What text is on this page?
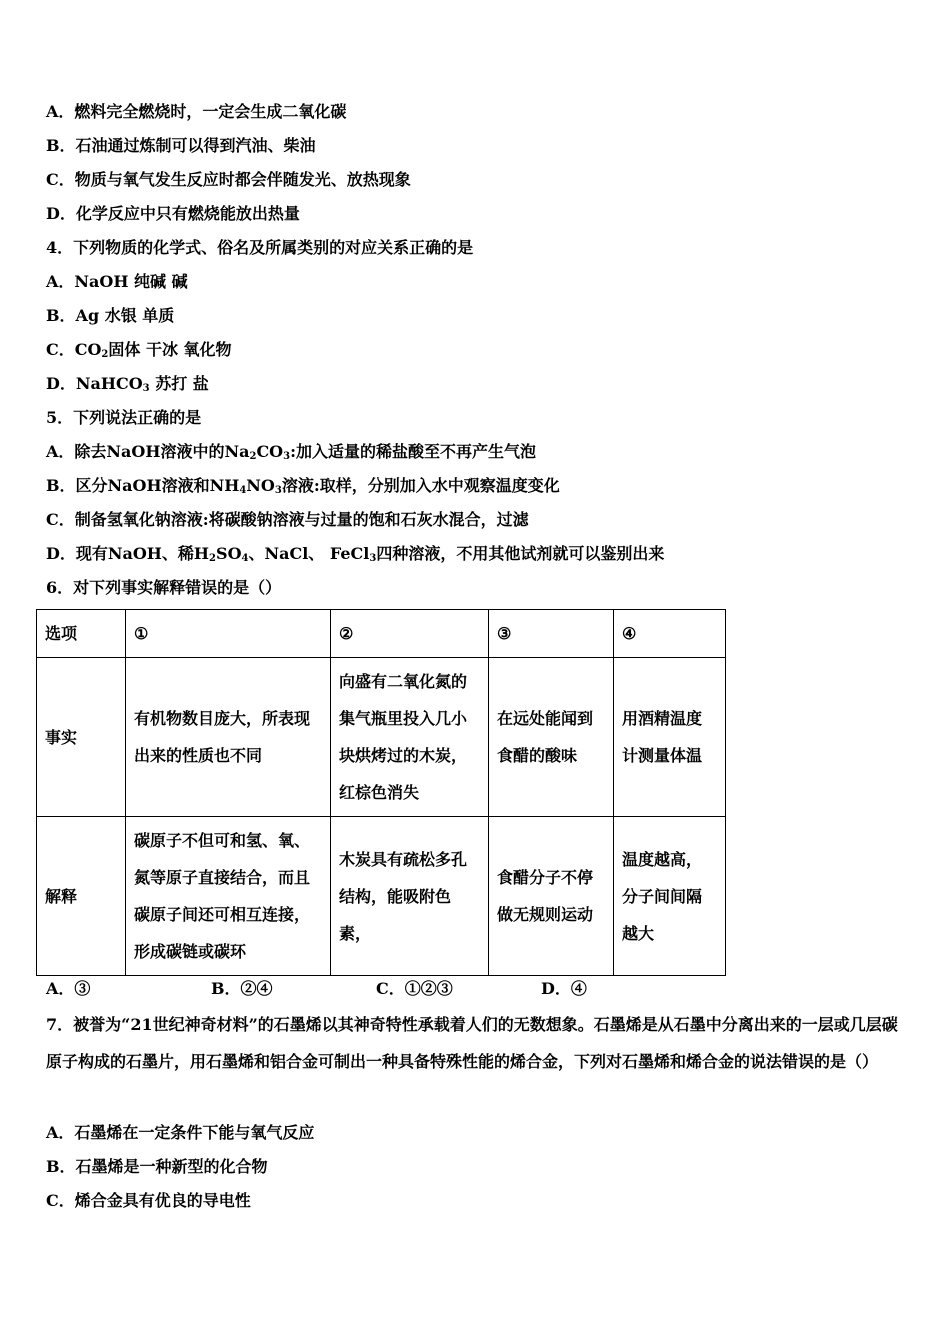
A．燃料完全燃烧时，一定会生成二氧化碳
B．石油通过炼制可以得到汽油、柴油
C．物质与氧气发生反应时都会伴随发光、放热现象
D．化学反应中只有燃烧能放出热量
4．下列物质的化学式、俗名及所属类别的对应关系正确的是
A．NaOH 纯碱 碱
B．Ag 水银 单质
C．$CO_2$固体 干冰 氧化物
D．NaHCO$_3$ 苏打 盐
5．下列说法正确的是
A．除去NaOH溶液中的$Na_2CO_3$:加入适量的稀盐酸至不再产生气泡
B．区分NaOH溶液和$NH_4NO_3$溶液:取样，分别加入水中观察温度变化
C．制备氢氧化钠溶液:将碳酸钠溶液与过量的饱和石灰水混合，过滤
D．现有NaOH、稀$H_2SO_4$、NaCl、 FeCl$_3$四种溶液，不用其他试剂就可以鉴别出来
6．对下列事实解释错误的是（）
选项	①	②	③	④
事实	有机物数目庞大，所表现出来的性质也不同	向盛有二氧化氮的集气瓶里投入几小块烘烤过的木炭，红棕色消失	在远处能闻到食醋的酸味	用酒精温度计测量体温
解释	碳原子不但可和氢、氧、氮等原子直接结合，而且碳原子间还可相互连接，形成碳链或碳环	木炭具有疏松多孔结构，能吸附色素，	食醋分子不停做无规则运动	温度越高，分子间间隔越大
A．③	B．②④	C．①②③	D．④
7．被誉为“21世纪神奇材料”的石墨烯以其神奇特性承载着人们的无数想象。石墨烯是从石墨中分离出来的一层或几层碳原子构成的石墨片，用石墨烯和铝合金可制出一种具备特殊性能的烯合金，下列对石墨烯和烯合金的说法错误的是（）
A．石墨烯在一定条件下能与氧气反应
B．石墨烯是一种新型的化合物
C．烯合金具有优良的导电性
